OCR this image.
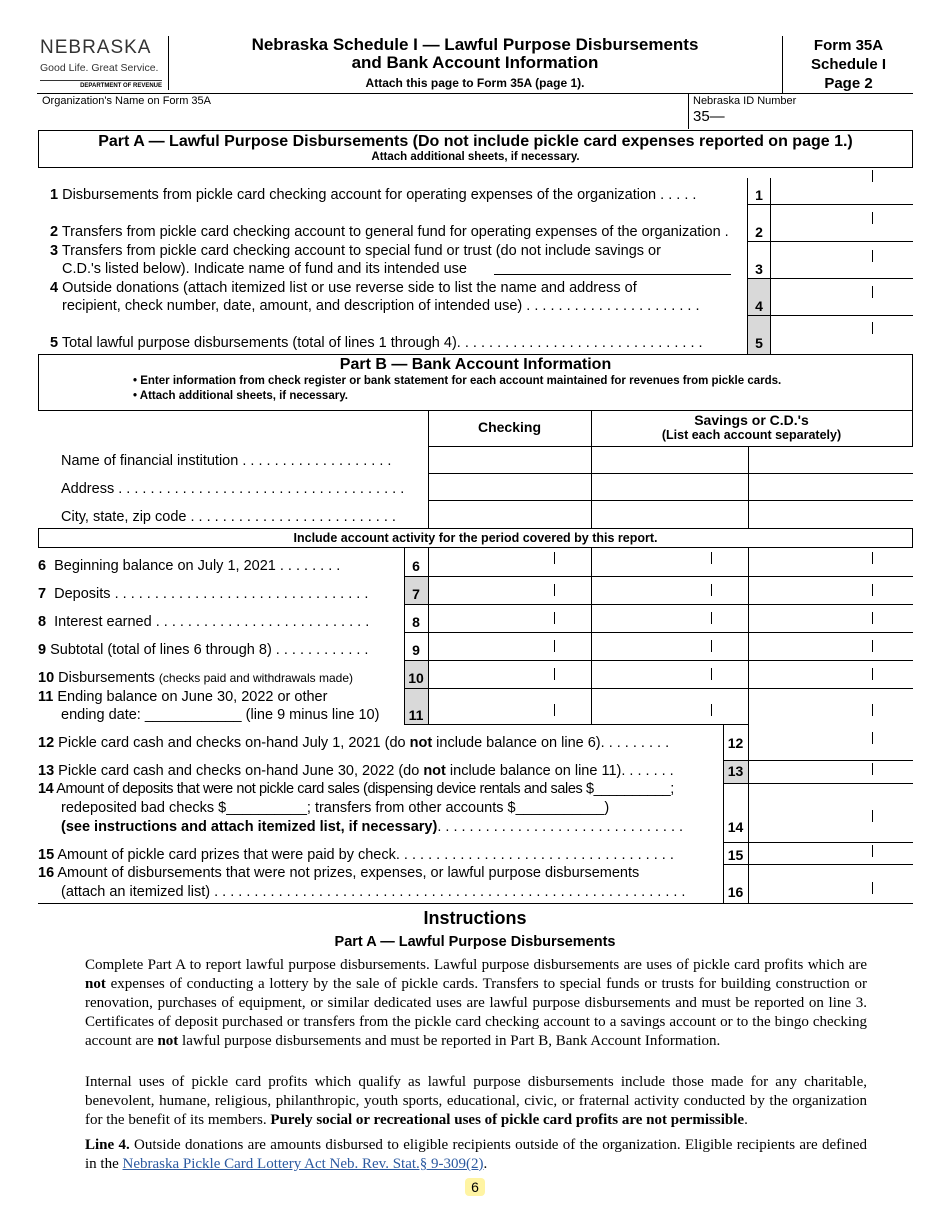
NEBRASKA
Good Life. Great Service.
DEPARTMENT OF REVENUE
Nebraska Schedule I — Lawful Purpose Disbursements
and Bank Account Information
Attach this page to Form 35A (page 1).
Form 35A
Schedule I
Page 2
Organization's Name on Form 35A	Nebraska ID Number
35—
Part A — Lawful Purpose Disbursements (Do not include pickle card expenses reported on page 1.)
Attach additional sheets, if necessary.
1 Disbursements from pickle card checking account for operating expenses of the organization . . . . .	1
2 Transfers from pickle card checking account to general fund for operating expenses of the organization .	2
3 Transfers from pickle card checking account to special fund or trust (do not include savings or
C.D.'s listed below). Indicate name of fund and its intended use	3
4 Outside donations (attach itemized list or use reverse side to list the name and address of
recipient, check number, date, amount, and description of intended use) . . . . . . . . . . . . . . . . . . . . . .	4
5 Total lawful purpose disbursements (total of lines 1 through 4). . . . . . . . . . . . . . . . . . . . . . . . . . . . . . .	5
Part B — Bank Account Information
• Enter information from check register or bank statement for each account maintained for revenues from pickle cards.
• Attach additional sheets, if necessary.
Checking	Savings or C.D.'s
(List each account separately)
Name of financial institution . . . . . . . . . . . . . . . . . . .
Address . . . . . . . . . . . . . . . . . . . . . . . . . . . . . . . . . . . .
City, state, zip code . . . . . . . . . . . . . . . . . . . . . . . . . .
Include account activity for the period covered by this report.
6 Beginning balance on July 1, 2021 . . . . . . . .	6
7 Deposits . . . . . . . . . . . . . . . . . . . . . . . . . . . . . . . .	7
8 Interest earned . . . . . . . . . . . . . . . . . . . . . . . . . . .	8
9 Subtotal (total of lines 6 through 8) . . . . . . . . . . . .	9
10 Disbursements (checks paid and withdrawals made)	10
11 Ending balance on June 30, 2022 or other
ending date: ____________ (line 9 minus line 10)	11
12 Pickle card cash and checks on-hand July 1, 2021 (do not include balance on line 6). . . . . . . . .	12
13 Pickle card cash and checks on-hand June 30, 2022 (do not include balance on line 11). . . . . . .	13
14 Amount of deposits that were not pickle card sales (dispensing device rentals and sales $__________;
redeposited bad checks $__________; transfers from other accounts $___________)
(see instructions and attach itemized list, if necessary). . . . . . . . . . . . . . . . . . . . . . . . . . . . . . .	14
15 Amount of pickle card prizes that were paid by check. . . . . . . . . . . . . . . . . . . . . . . . . . . . . . . . . . .	15
16 Amount of disbursements that were not prizes, expenses, or lawful purpose disbursements
(attach an itemized list) . . . . . . . . . . . . . . . . . . . . . . . . . . . . . . . . . . . . . . . . . . . . . . . . . . . . . . . . . . .	16
Instructions
Part A — Lawful Purpose Disbursements
Complete Part A to report lawful purpose disbursements. Lawful purpose disbursements are uses of pickle card profits which are not expenses of conducting a lottery by the sale of pickle cards. Transfers to special funds or trusts for building construction or renovation, purchases of equipment, or similar dedicated uses are lawful purpose disbursements and must be reported on line 3. Certificates of deposit purchased or transfers from the pickle card checking account to a savings account or to the bingo checking account are not lawful purpose disbursements and must be reported in Part B, Bank Account Information.
Internal uses of pickle card profits which qualify as lawful purpose disbursements include those made for any charitable, benevolent, humane, religious, philanthropic, youth sports, educational, civic, or fraternal activity conducted by the organization for the benefit of its members. Purely social or recreational uses of pickle card profits are not permissible.
Line 4. Outside donations are amounts disbursed to eligible recipients outside of the organization. Eligible recipients are defined in the Nebraska Pickle Card Lottery Act Neb. Rev. Stat.§ 9-309(2).
6
